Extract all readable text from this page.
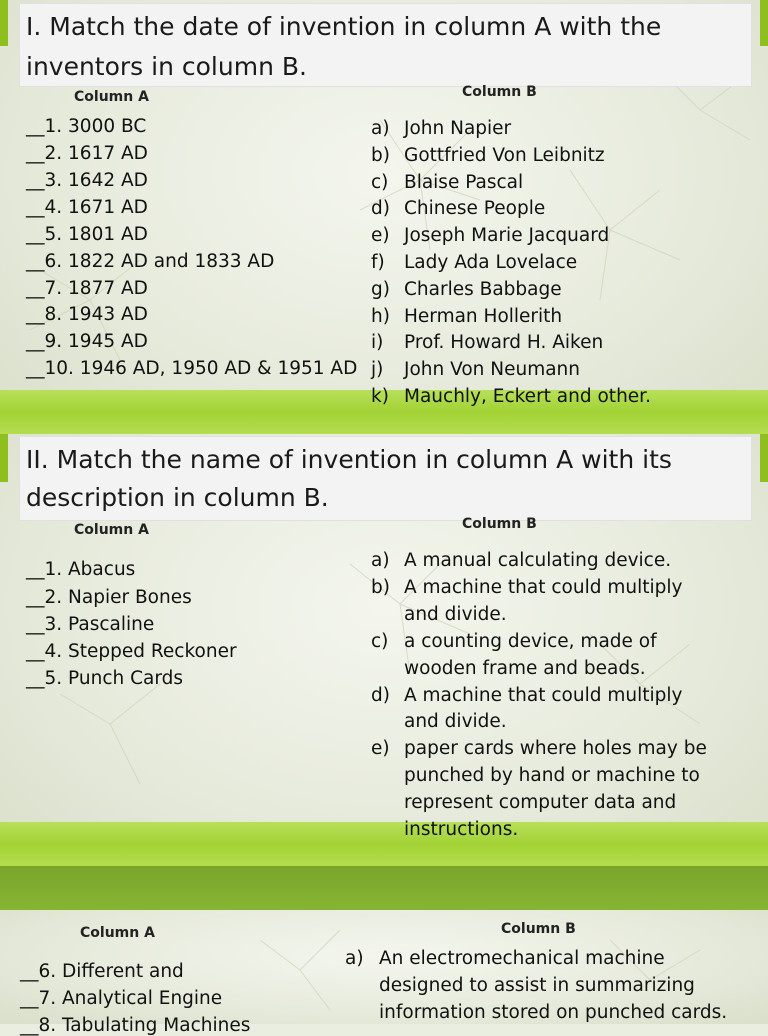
I. Match the date of invention in column A with the
inventors in column B.
Column A	Column B
__1. 3000 BC
__2. 1617 AD
__3. 1642 AD
__4. 1671 AD
__5. 1801 AD
__6. 1822 AD and 1833 AD
__7. 1877 AD
__8. 1943 AD
__9. 1945 AD
__10. 1946 AD, 1950 AD & 1951 AD
a) John Napier
b) Gottfried Von Leibnitz
c) Blaise Pascal
d) Chinese People
e) Joseph Marie Jacquard
f) Lady Ada Lovelace
g) Charles Babbage
h) Herman Hollerith
i) Prof. Howard H. Aiken
j) John Von Neumann
k) Mauchly, Eckert and other.
II. Match the name of invention in column A with its
description in column B.
Column A	Column B
__1. Abacus
__2. Napier Bones
__3. Pascaline
__4. Stepped Reckoner
__5. Punch Cards
a) A manual calculating device.
b) A machine that could multiply
and divide.
c) a counting device, made of
wooden frame and beads.
d) A machine that could multiply
and divide.
e) paper cards where holes may be
punched by hand or machine to
represent computer data and
instructions.
Column A	Column B
__6. Different and
__7. Analytical Engine
__8. Tabulating Machines
a) An electromechanical machine
designed to assist in summarizing
information stored on punched cards.
